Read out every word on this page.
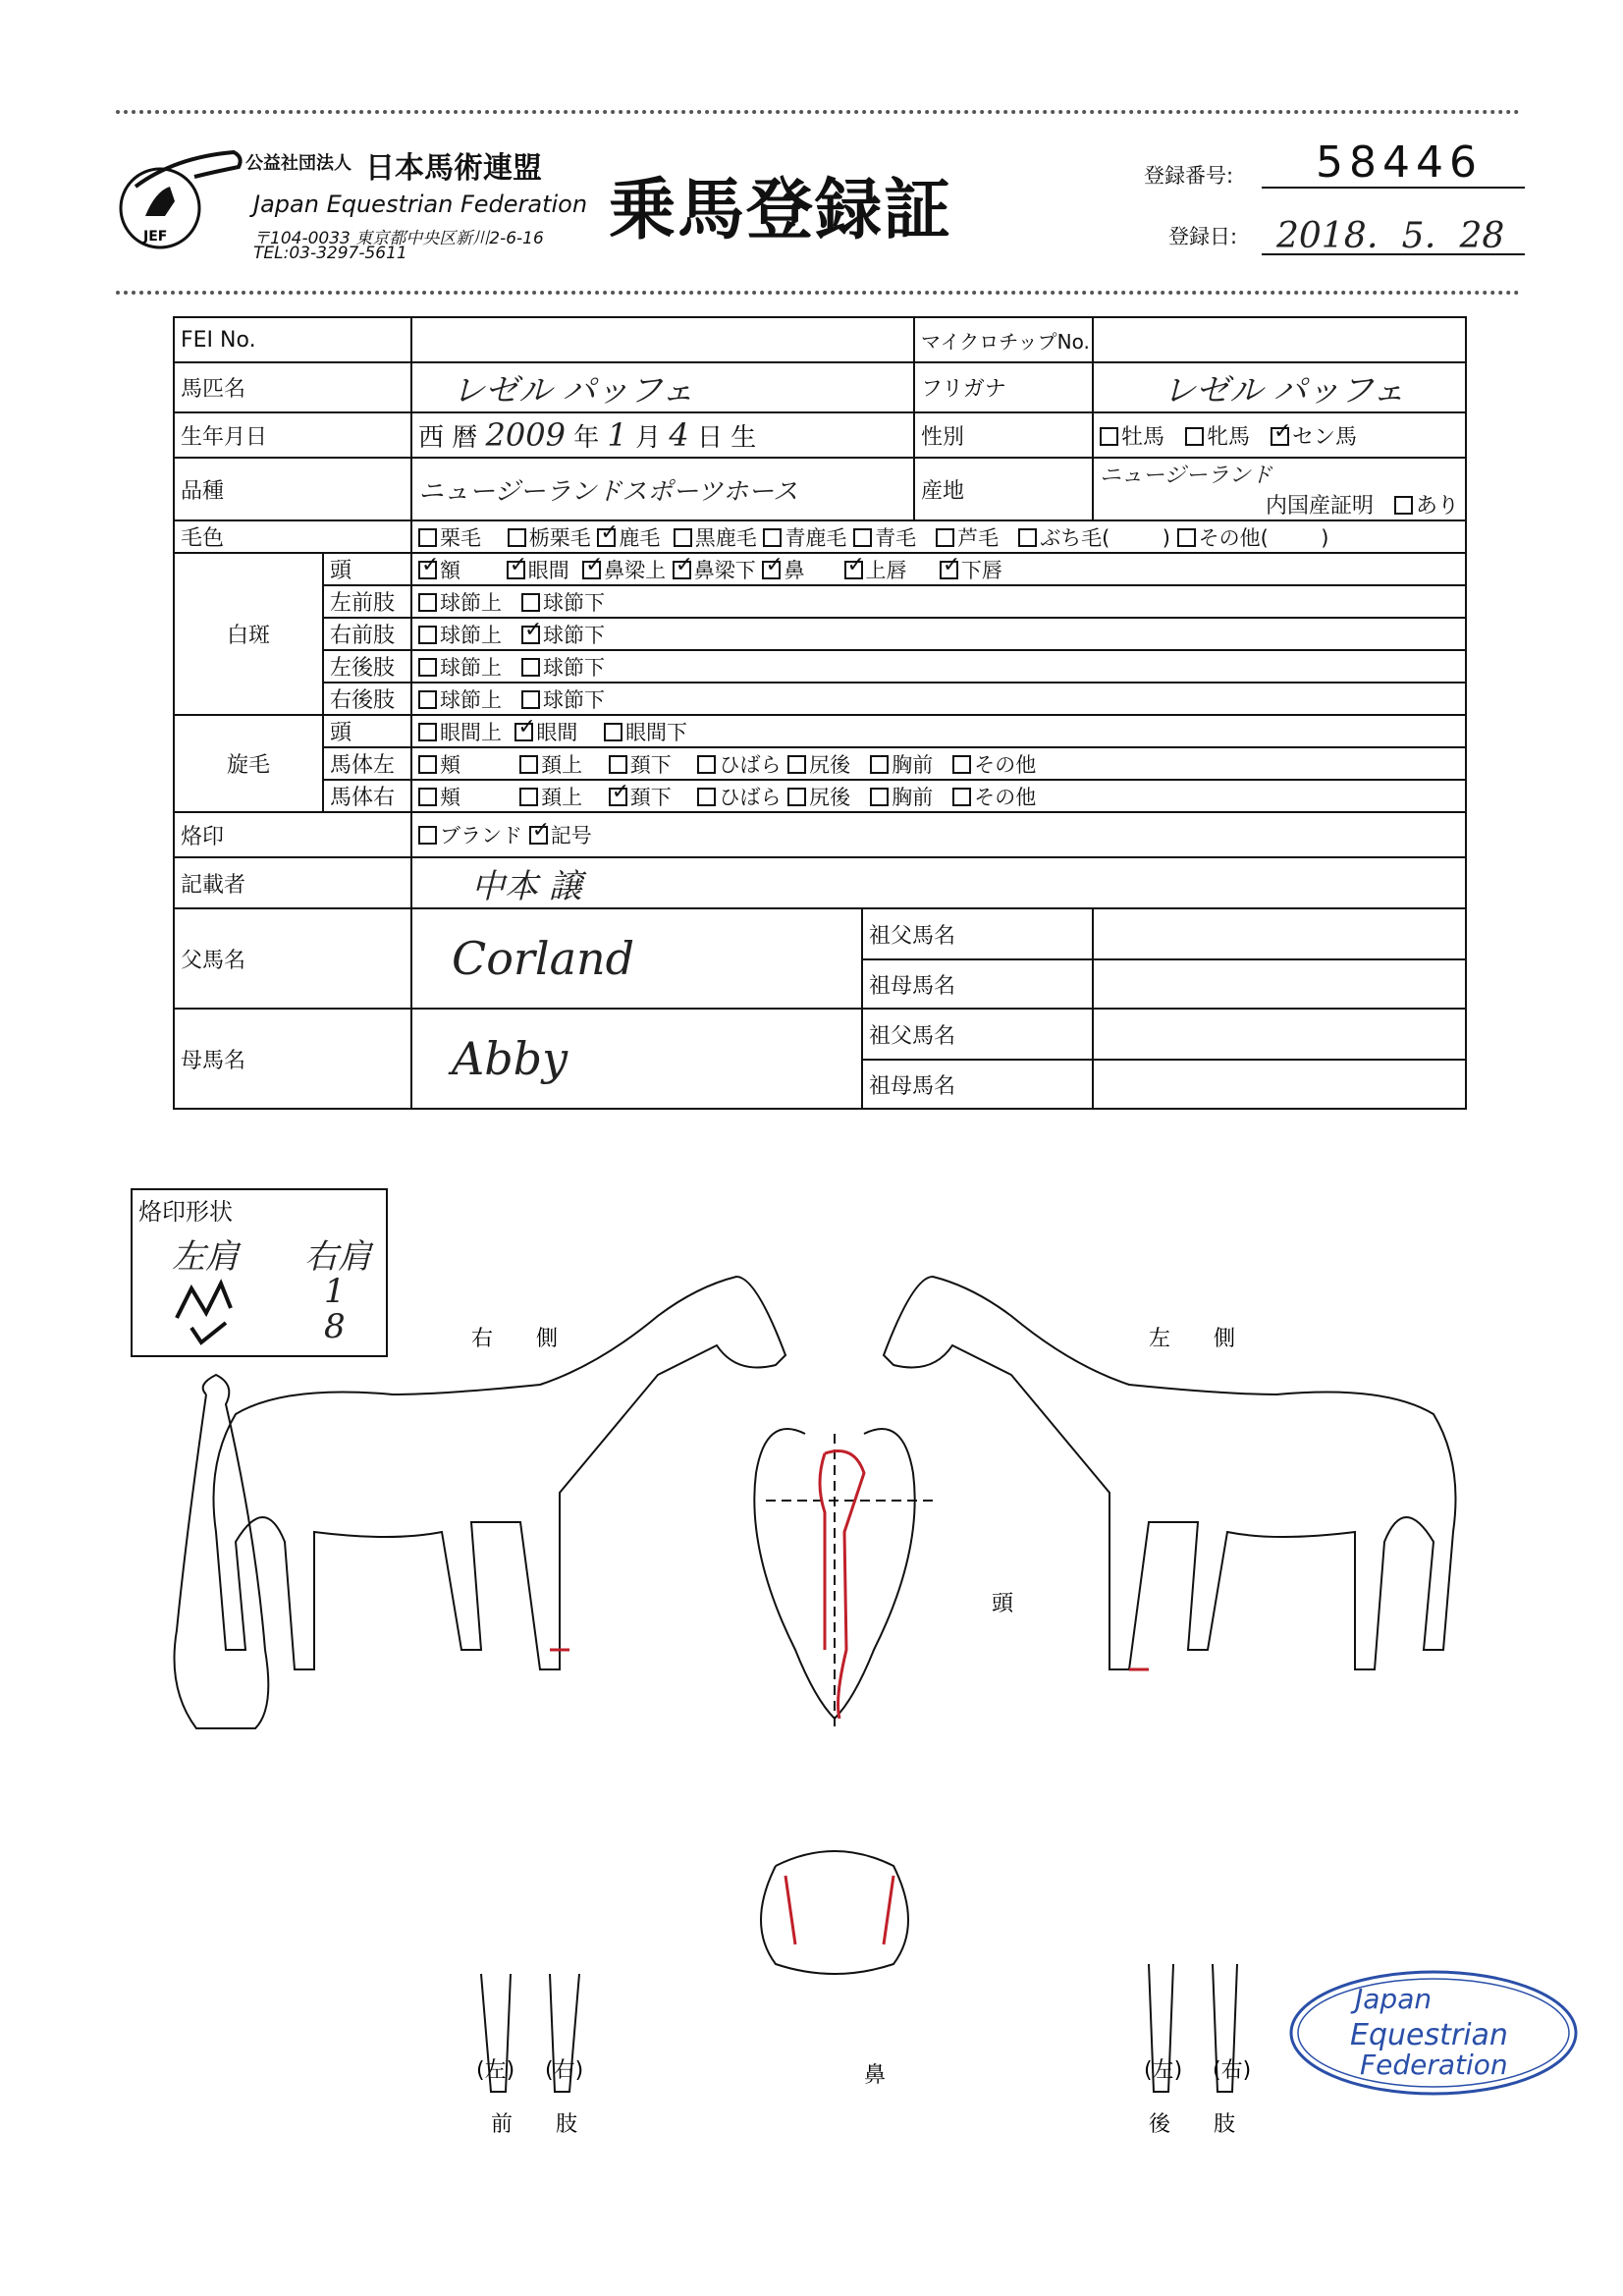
JEF
公益社団法人 日本馬術連盟
Japan Equestrian Federation
〒104-0033 東京都中央区新川2-6-16
TEL:03-3297-5611
乗馬登録証	登録番号: 58446
登録日: 2018．5．28
FEI No.				マイクロチップNo.	
馬匹名		レゼル パッフェ		フリガナ	レゼル パッフェ
生年月日		西 暦 2009 年 1 月 4 日 生		性別	牡馬 牝馬 ✓ セン馬
品種		ニュージーランドスポーツホース		産地	ニュージーランド
内国産証明 あり

毛色		栗毛 栃栗毛 ✓ 鹿毛 黒鹿毛 青鹿毛 青毛 芦毛 ぶち毛( ) その他( )
白斑	頭	✓額 ✓ 眼間 ✓ 鼻梁上 ✓ 鼻梁下 ✓ 鼻 ✓ 上唇 ✓ 下唇
	左前肢	球節上 球節下			
	右前肢	球節上 ✓ 球節下
	左後肢	球節上 球節下			
	右後肢	球節上 球節下			
旋毛	頭	眼間上 ✓ 眼間 眼間下
	馬体左	頬 頚上 頚下 ひばら 尻後 胸前 その他			
	馬体右	頬 頚上 ✓ 頚下 ひばら 尻後 胸前 その他
烙印		ブランド ✓ 記号
記載者		中本 譲			
父馬名		Corland	祖父馬名		
			祖母馬名		
母馬名		Abby	祖父馬名		
			祖母馬名		
烙印形状
左肩 右肩
1 8	右　　側	左　　側
頭
鼻
(左) (右)
前　　肢
(左) (右)
後　　肢
Japan
Equestrian
Federation
